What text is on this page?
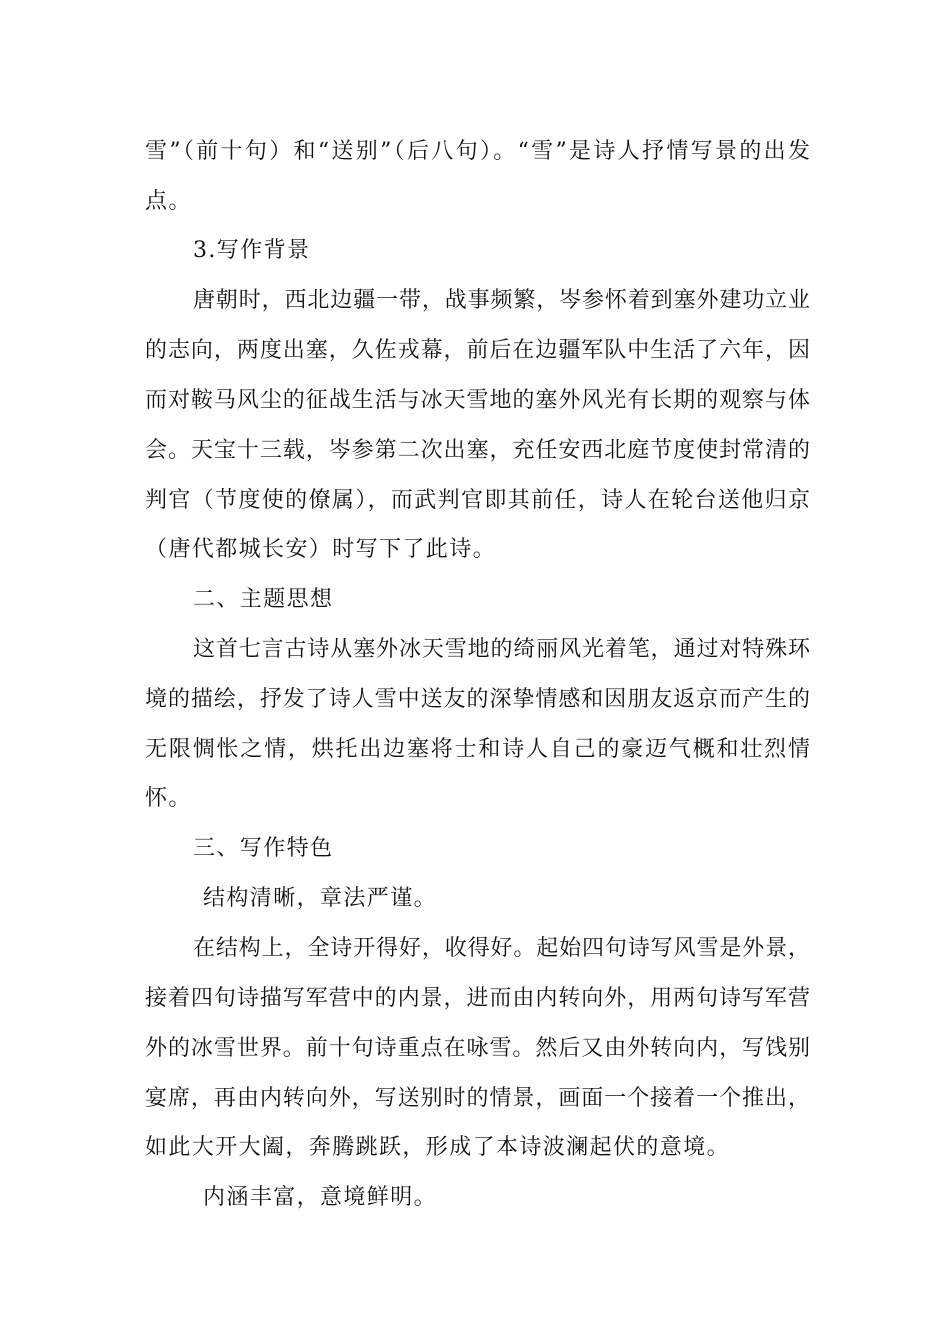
雪”（前十句）和“送别”（后八句）。“雪”是诗人抒情写景的出发
点。
3.写作背景
唐朝时，西北边疆一带，战事频繁，岑参怀着到塞外建功立业
的志向，两度出塞，久佐戎幕，前后在边疆军队中生活了六年，因
而对鞍马风尘的征战生活与冰天雪地的塞外风光有长期的观察与体
会。天宝十三载，岑参第二次出塞，充任安西北庭节度使封常清的
判官（节度使的僚属），而武判官即其前任，诗人在轮台送他归京
（唐代都城长安）时写下了此诗。
二、主题思想
这首七言古诗从塞外冰天雪地的绮丽风光着笔，通过对特殊环
境的描绘，抒发了诗人雪中送友的深挚情感和因朋友返京而产生的
无限惆怅之情，烘托出边塞将士和诗人自己的豪迈气概和壮烈情
怀。
三、写作特色
结构清晰，章法严谨。
在结构上，全诗开得好，收得好。起始四句诗写风雪是外景，
接着四句诗描写军营中的内景，进而由内转向外，用两句诗写军营
外的冰雪世界。前十句诗重点在咏雪。然后又由外转向内，写饯别
宴席，再由内转向外，写送别时的情景，画面一个接着一个推出，
如此大开大阖，奔腾跳跃，形成了本诗波澜起伏的意境。
内涵丰富，意境鲜明。
